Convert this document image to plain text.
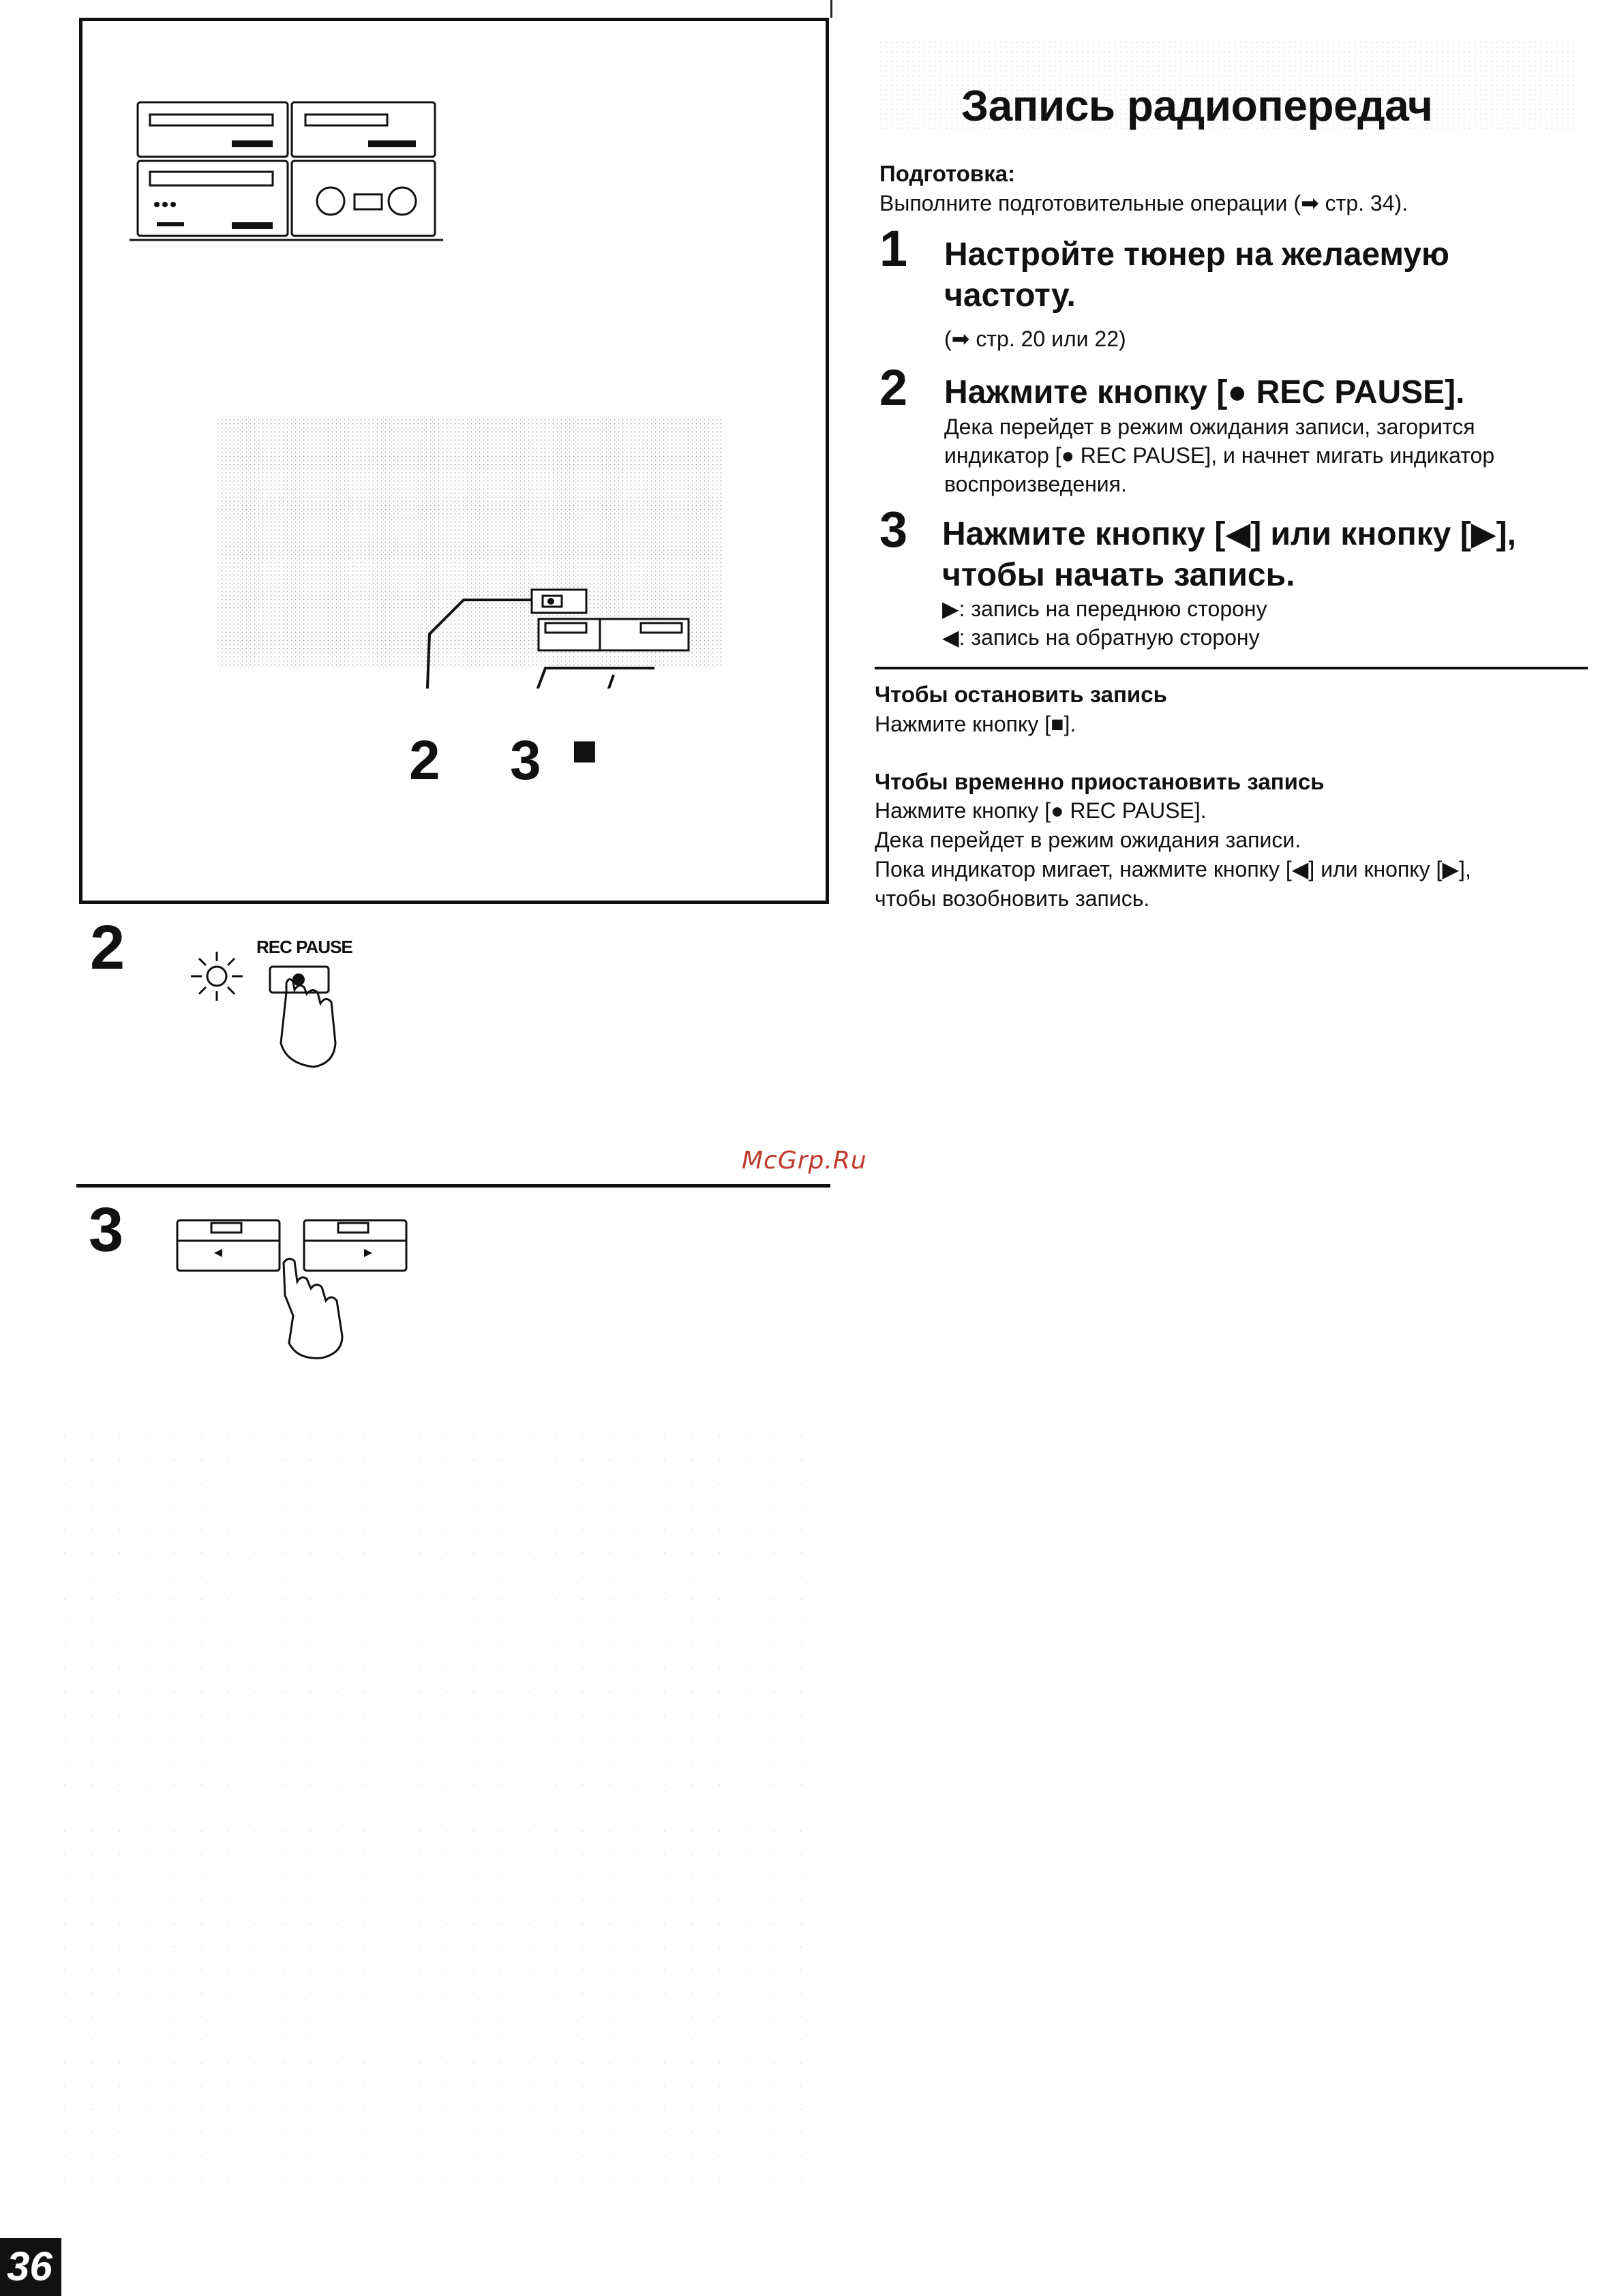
2 3 ■
2	REC PAUSE
McGrp.Ru
3
Запись радиопередач
Подготовка:
Выполните подготовительные операции (➡ стр. 34).
1 Настройте тюнер на желаемую
частоту.
(➡ стр. 20 или 22)
2 Нажмите кнопку [● REC PAUSE].
Дека перейдет в режим ожидания записи, загорится
индикатор [● REC PAUSE], и начнет мигать индикатор
воспроизведения.
3 Нажмите кнопку [◀] или кнопку [▶],
чтобы начать запись.
▶: запись на переднюю сторону
◀: запись на обратную сторону
Чтобы остановить запись
Нажмите кнопку [■].
Чтобы временно приостановить запись
Нажмите кнопку [● REC PAUSE].
Дека перейдет в режим ожидания записи.
Пока индикатор мигает, нажмите кнопку [◀] или кнопку [▶],
чтобы возобновить запись.
36
